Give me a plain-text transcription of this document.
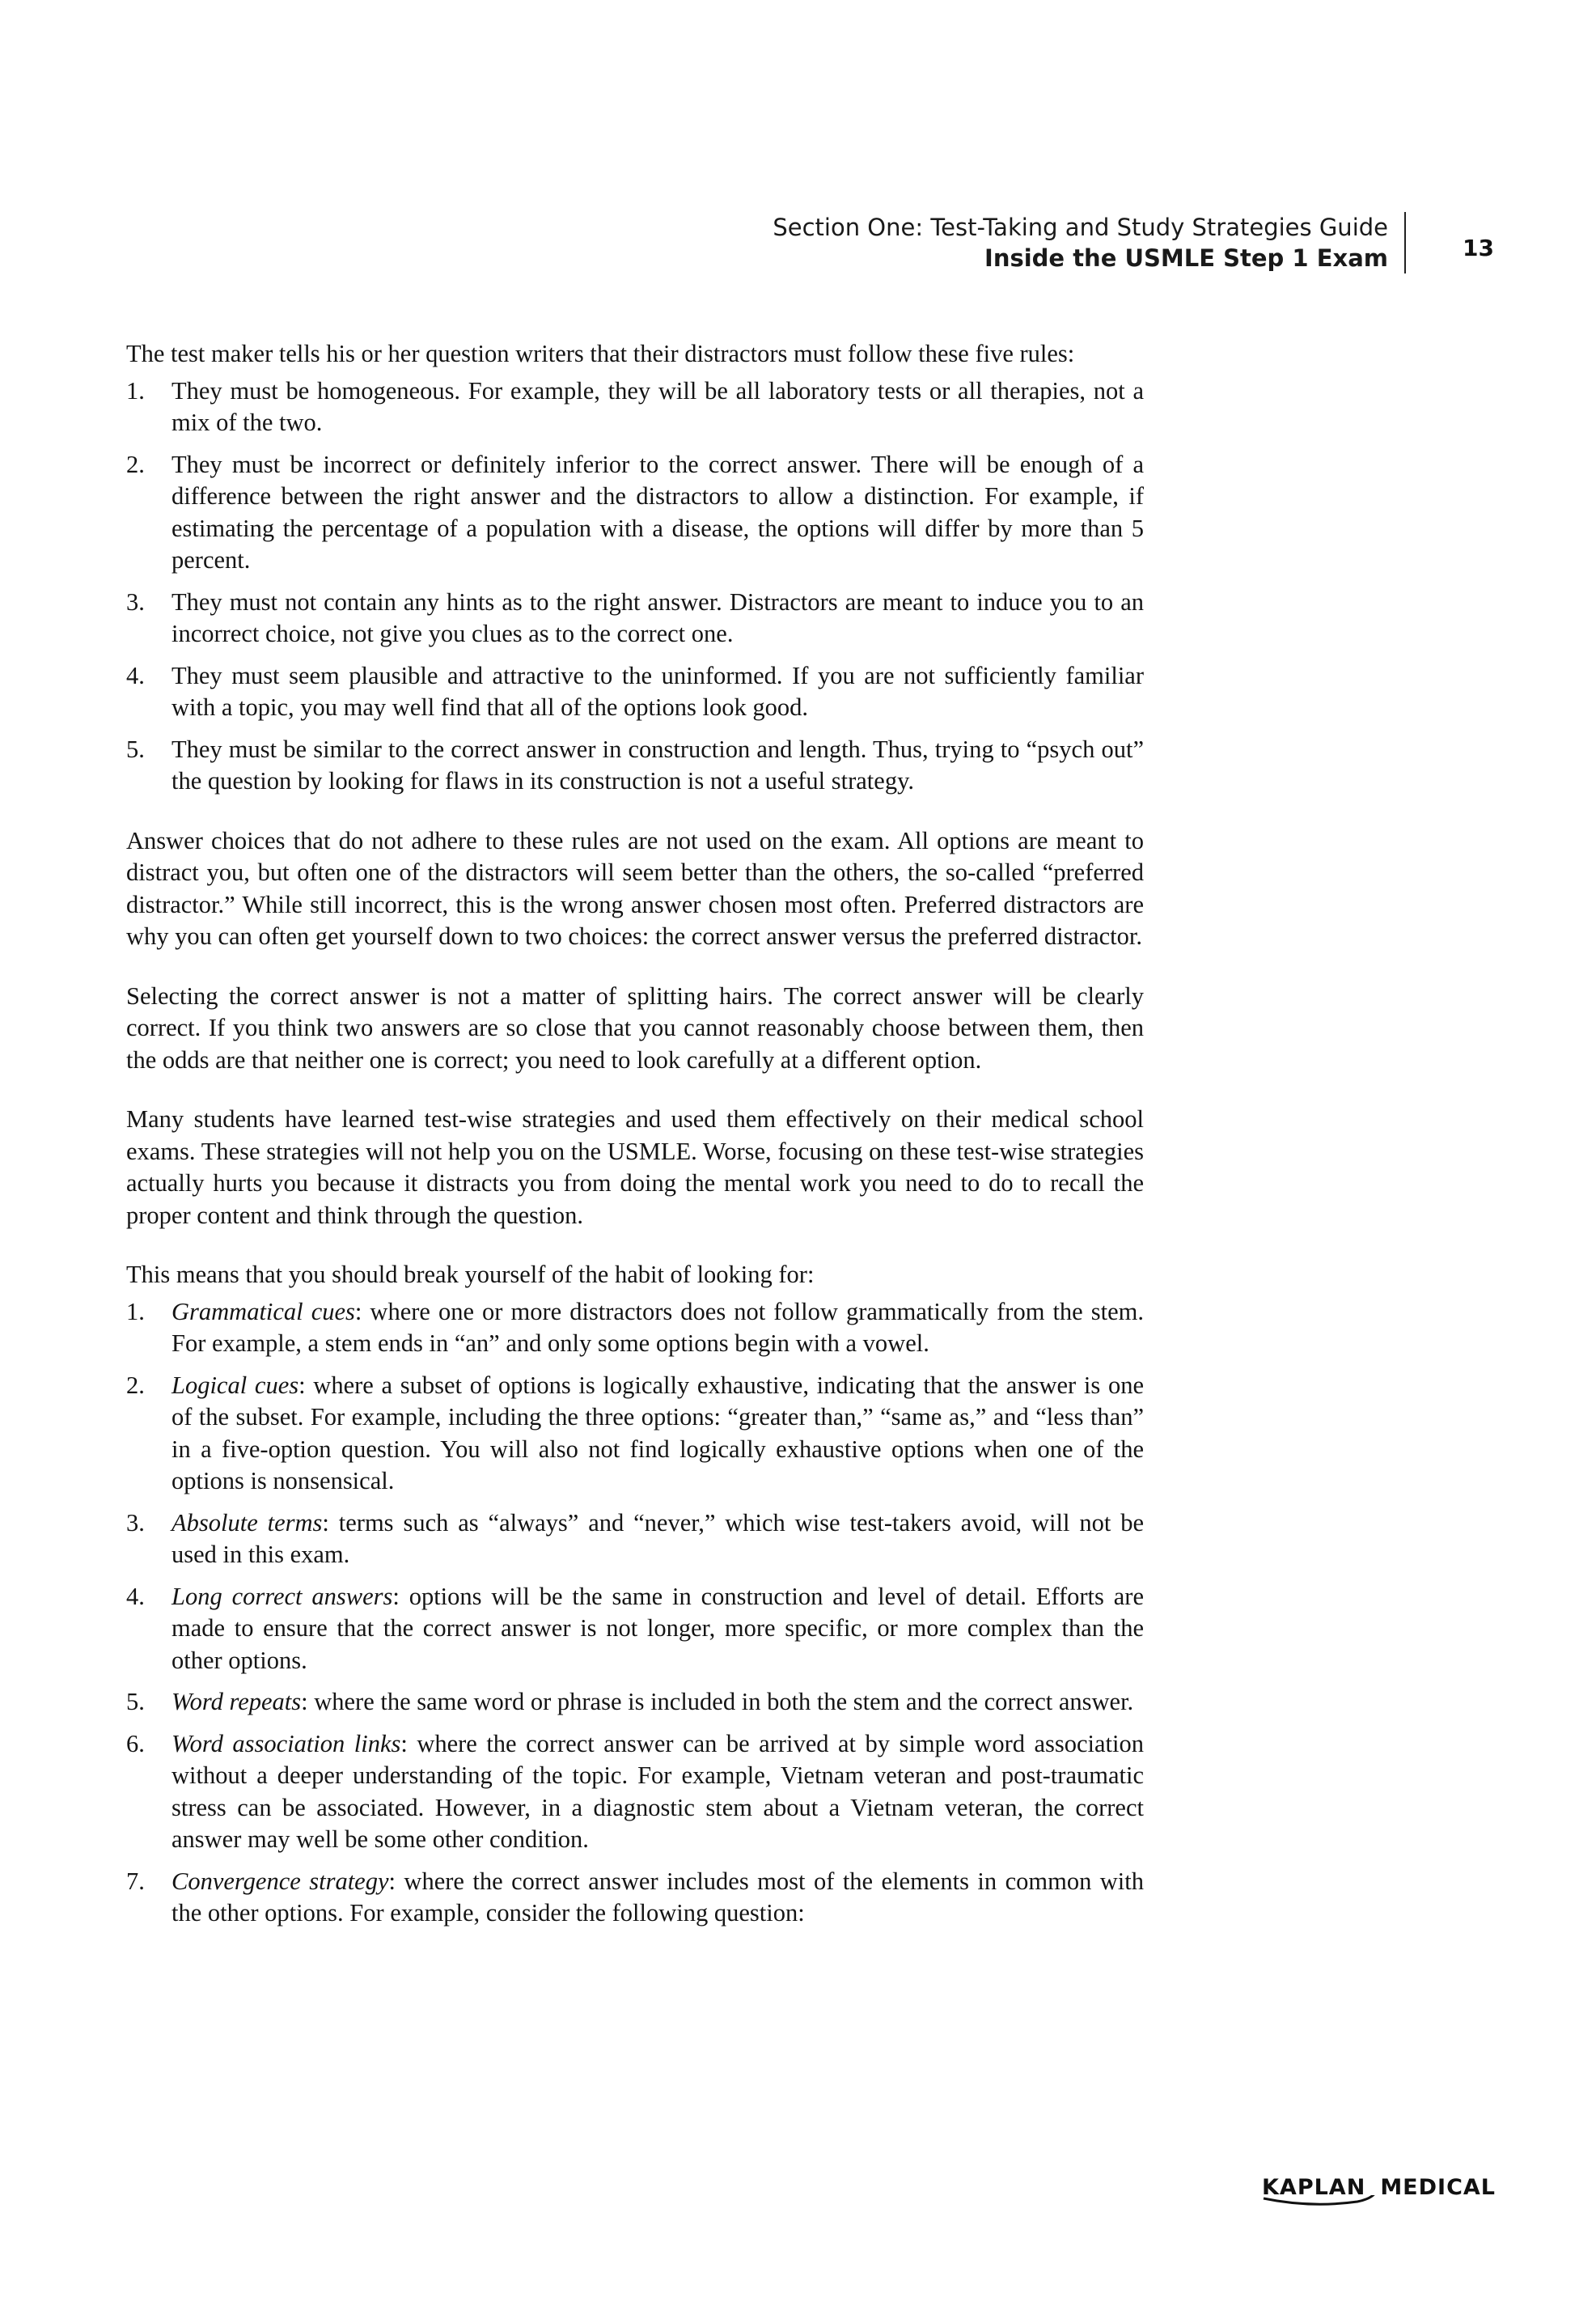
Section One: Test-Taking and Study Strategies Guide
Inside the USMLE Step 1 Exam	13

The test maker tells his or her question writers that their distractors must follow these five rules:

1. They must be homogeneous. For example, they will be all laboratory tests or all therapies, not a mix of the two.
2. They must be incorrect or definitely inferior to the correct answer. There will be enough of a difference between the right answer and the distractors to allow a distinction. For example, if estimating the percentage of a population with a disease, the options will differ by more than 5 percent.
3. They must not contain any hints as to the right answer. Distractors are meant to induce you to an incorrect choice, not give you clues as to the correct one.
4. They must seem plausible and attractive to the uninformed. If you are not sufficiently familiar with a topic, you may well find that all of the options look good.
5. They must be similar to the correct answer in construction and length. Thus, trying to “psych out” the question by looking for flaws in its construction is not a useful strategy.

Answer choices that do not adhere to these rules are not used on the exam. All options are meant to distract you, but often one of the distractors will seem better than the others, the so-called “preferred distractor.” While still incorrect, this is the wrong answer chosen most often. Preferred distractors are why you can often get yourself down to two choices: the correct answer versus the preferred distractor.

Selecting the correct answer is not a matter of splitting hairs. The correct answer will be clearly correct. If you think two answers are so close that you cannot reasonably choose between them, then the odds are that neither one is correct; you need to look carefully at a different option.

Many students have learned test-wise strategies and used them effectively on their medical school exams. These strategies will not help you on the USMLE. Worse, focusing on these test-wise strategies actually hurts you because it distracts you from doing the mental work you need to do to recall the proper content and think through the question.

This means that you should break yourself of the habit of looking for:

1. Grammatical cues: where one or more distractors does not follow grammatically from the stem. For example, a stem ends in “an” and only some options begin with a vowel.
2. Logical cues: where a subset of options is logically exhaustive, indicating that the answer is one of the subset. For example, including the three options: “greater than,” “same as,” and “less than” in a five-option question. You will also not find logically exhaustive options when one of the options is nonsensical.
3. Absolute terms: terms such as “always” and “never,” which wise test-takers avoid, will not be used in this exam.
4. Long correct answers: options will be the same in construction and level of detail. Efforts are made to ensure that the correct answer is not longer, more specific, or more complex than the other options.
5. Word repeats: where the same word or phrase is included in both the stem and the correct answer.
6. Word association links: where the correct answer can be arrived at by simple word association without a deeper understanding of the topic. For example, Vietnam veteran and post-traumatic stress can be associated. However, in a diagnostic stem about a Vietnam veteran, the correct answer may well be some other condition.
7. Convergence strategy: where the correct answer includes most of the elements in common with the other options. For example, consider the following question:
KAPLAN MEDICAL
